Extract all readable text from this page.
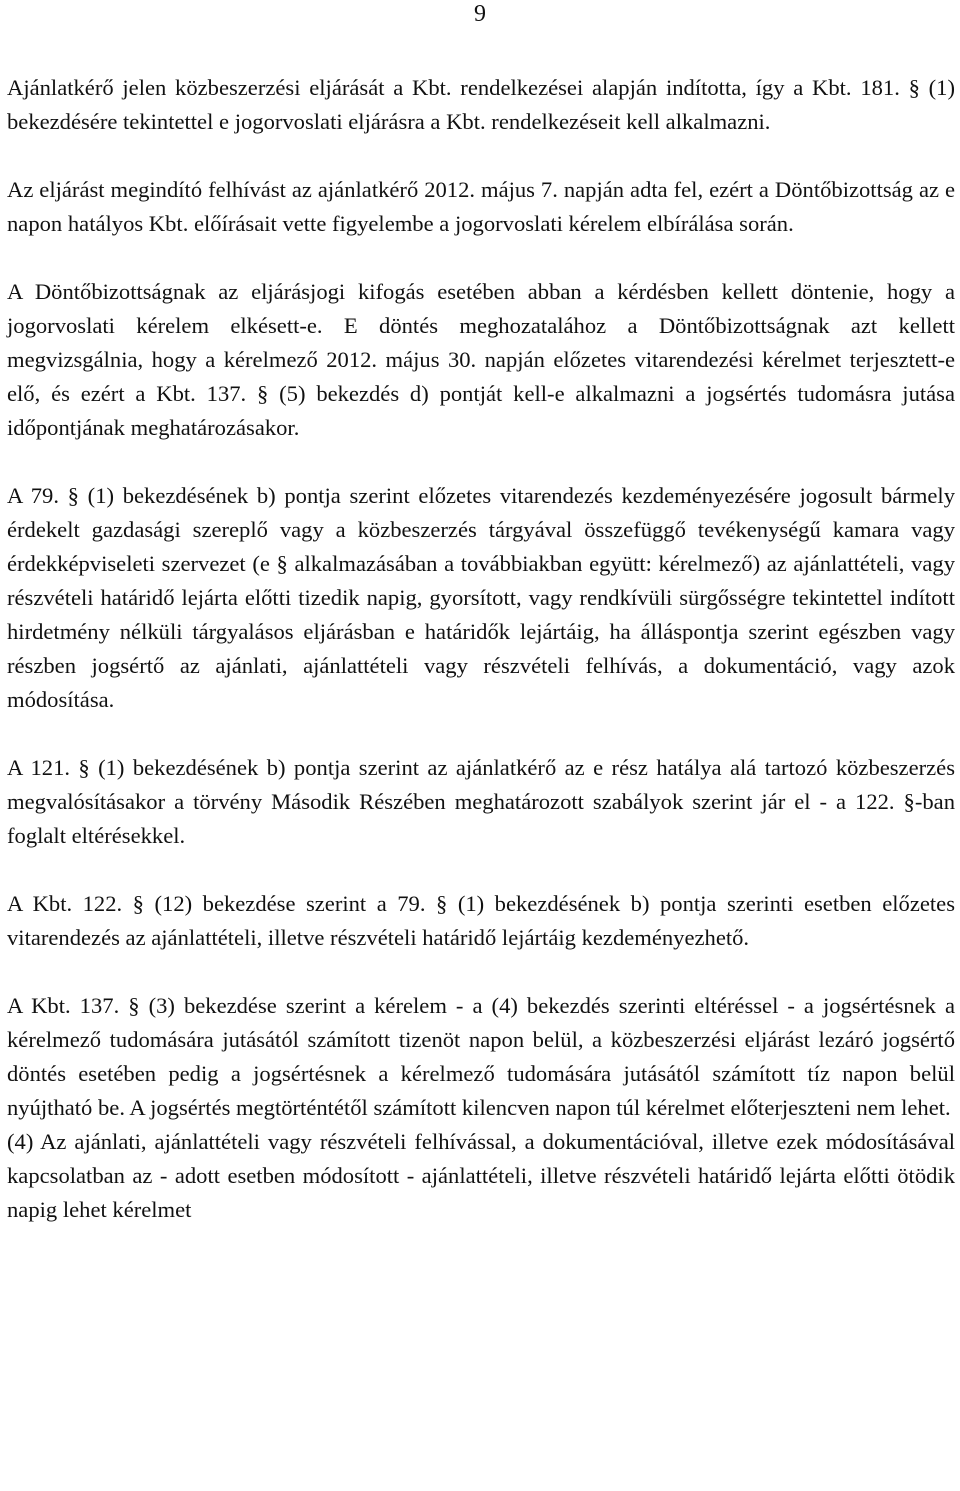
9

Ajánlatkérő jelen közbeszerzési eljárását a Kbt. rendelkezései alapján indította, így a Kbt. 181. § (1) bekezdésére tekintettel e jogorvoslati eljárásra a Kbt. rendelkezéseit kell alkalmazni.

Az eljárást megindító felhívást az ajánlatkérő 2012. május 7. napján adta fel, ezért a Döntőbizottság az e napon hatályos Kbt. előírásait vette figyelembe a jogorvoslati kérelem elbírálása során.

A Döntőbizottságnak az eljárásjogi kifogás esetében abban a kérdésben kellett döntenie, hogy a jogorvoslati kérelem elkésett-e. E döntés meghozatalához a Döntőbizottságnak azt kellett megvizsgálnia, hogy a kérelmező 2012. május 30. napján előzetes vitarendezési kérelmet terjesztett-e elő, és ezért a Kbt. 137. § (5) bekezdés d) pontját kell-e alkalmazni a jogsértés tudomásra jutása időpontjának meghatározásakor.

A 79. § (1) bekezdésének b) pontja szerint előzetes vitarendezés kezdeményezésére jogosult bármely érdekelt gazdasági szereplő vagy a közbeszerzés tárgyával összefüggő tevékenységű kamara vagy érdekképviseleti szervezet (e § alkalmazásában a továbbiakban együtt: kérelmező) az ajánlattételi, vagy részvételi határidő lejárta előtti tizedik napig, gyorsított, vagy rendkívüli sürgősségre tekintettel indított hirdetmény nélküli tárgyalásos eljárásban e határidők lejártáig, ha álláspontja szerint egészben vagy részben jogsértő az ajánlati, ajánlattételi vagy részvételi felhívás, a dokumentáció, vagy azok módosítása.

A 121. § (1) bekezdésének b) pontja szerint az ajánlatkérő az e rész hatálya alá tartozó közbeszerzés megvalósításakor a törvény Második Részében meghatározott szabályok szerint jár el - a 122. §-ban foglalt eltérésekkel.

A Kbt. 122. § (12) bekezdése szerint a 79. § (1) bekezdésének b) pontja szerinti esetben előzetes vitarendezés az ajánlattételi, illetve részvételi határidő lejártáig kezdeményezhető.

A Kbt. 137. § (3) bekezdése szerint a kérelem - a (4) bekezdés szerinti eltéréssel - a jogsértésnek a kérelmező tudomására jutásától számított tizenöt napon belül, a közbeszerzési eljárást lezáró jogsértő döntés esetében pedig a jogsértésnek a kérelmező tudomására jutásától számított tíz napon belül nyújtható be. A jogsértés megtörténtétől számított kilencven napon túl kérelmet előterjeszteni nem lehet.

(4) Az ajánlati, ajánlattételi vagy részvételi felhívással, a dokumentációval, illetve ezek módosításával kapcsolatban az - adott esetben módosított - ajánlattételi, illetve részvételi határidő lejárta előtti ötödik napig lehet kérelmet
